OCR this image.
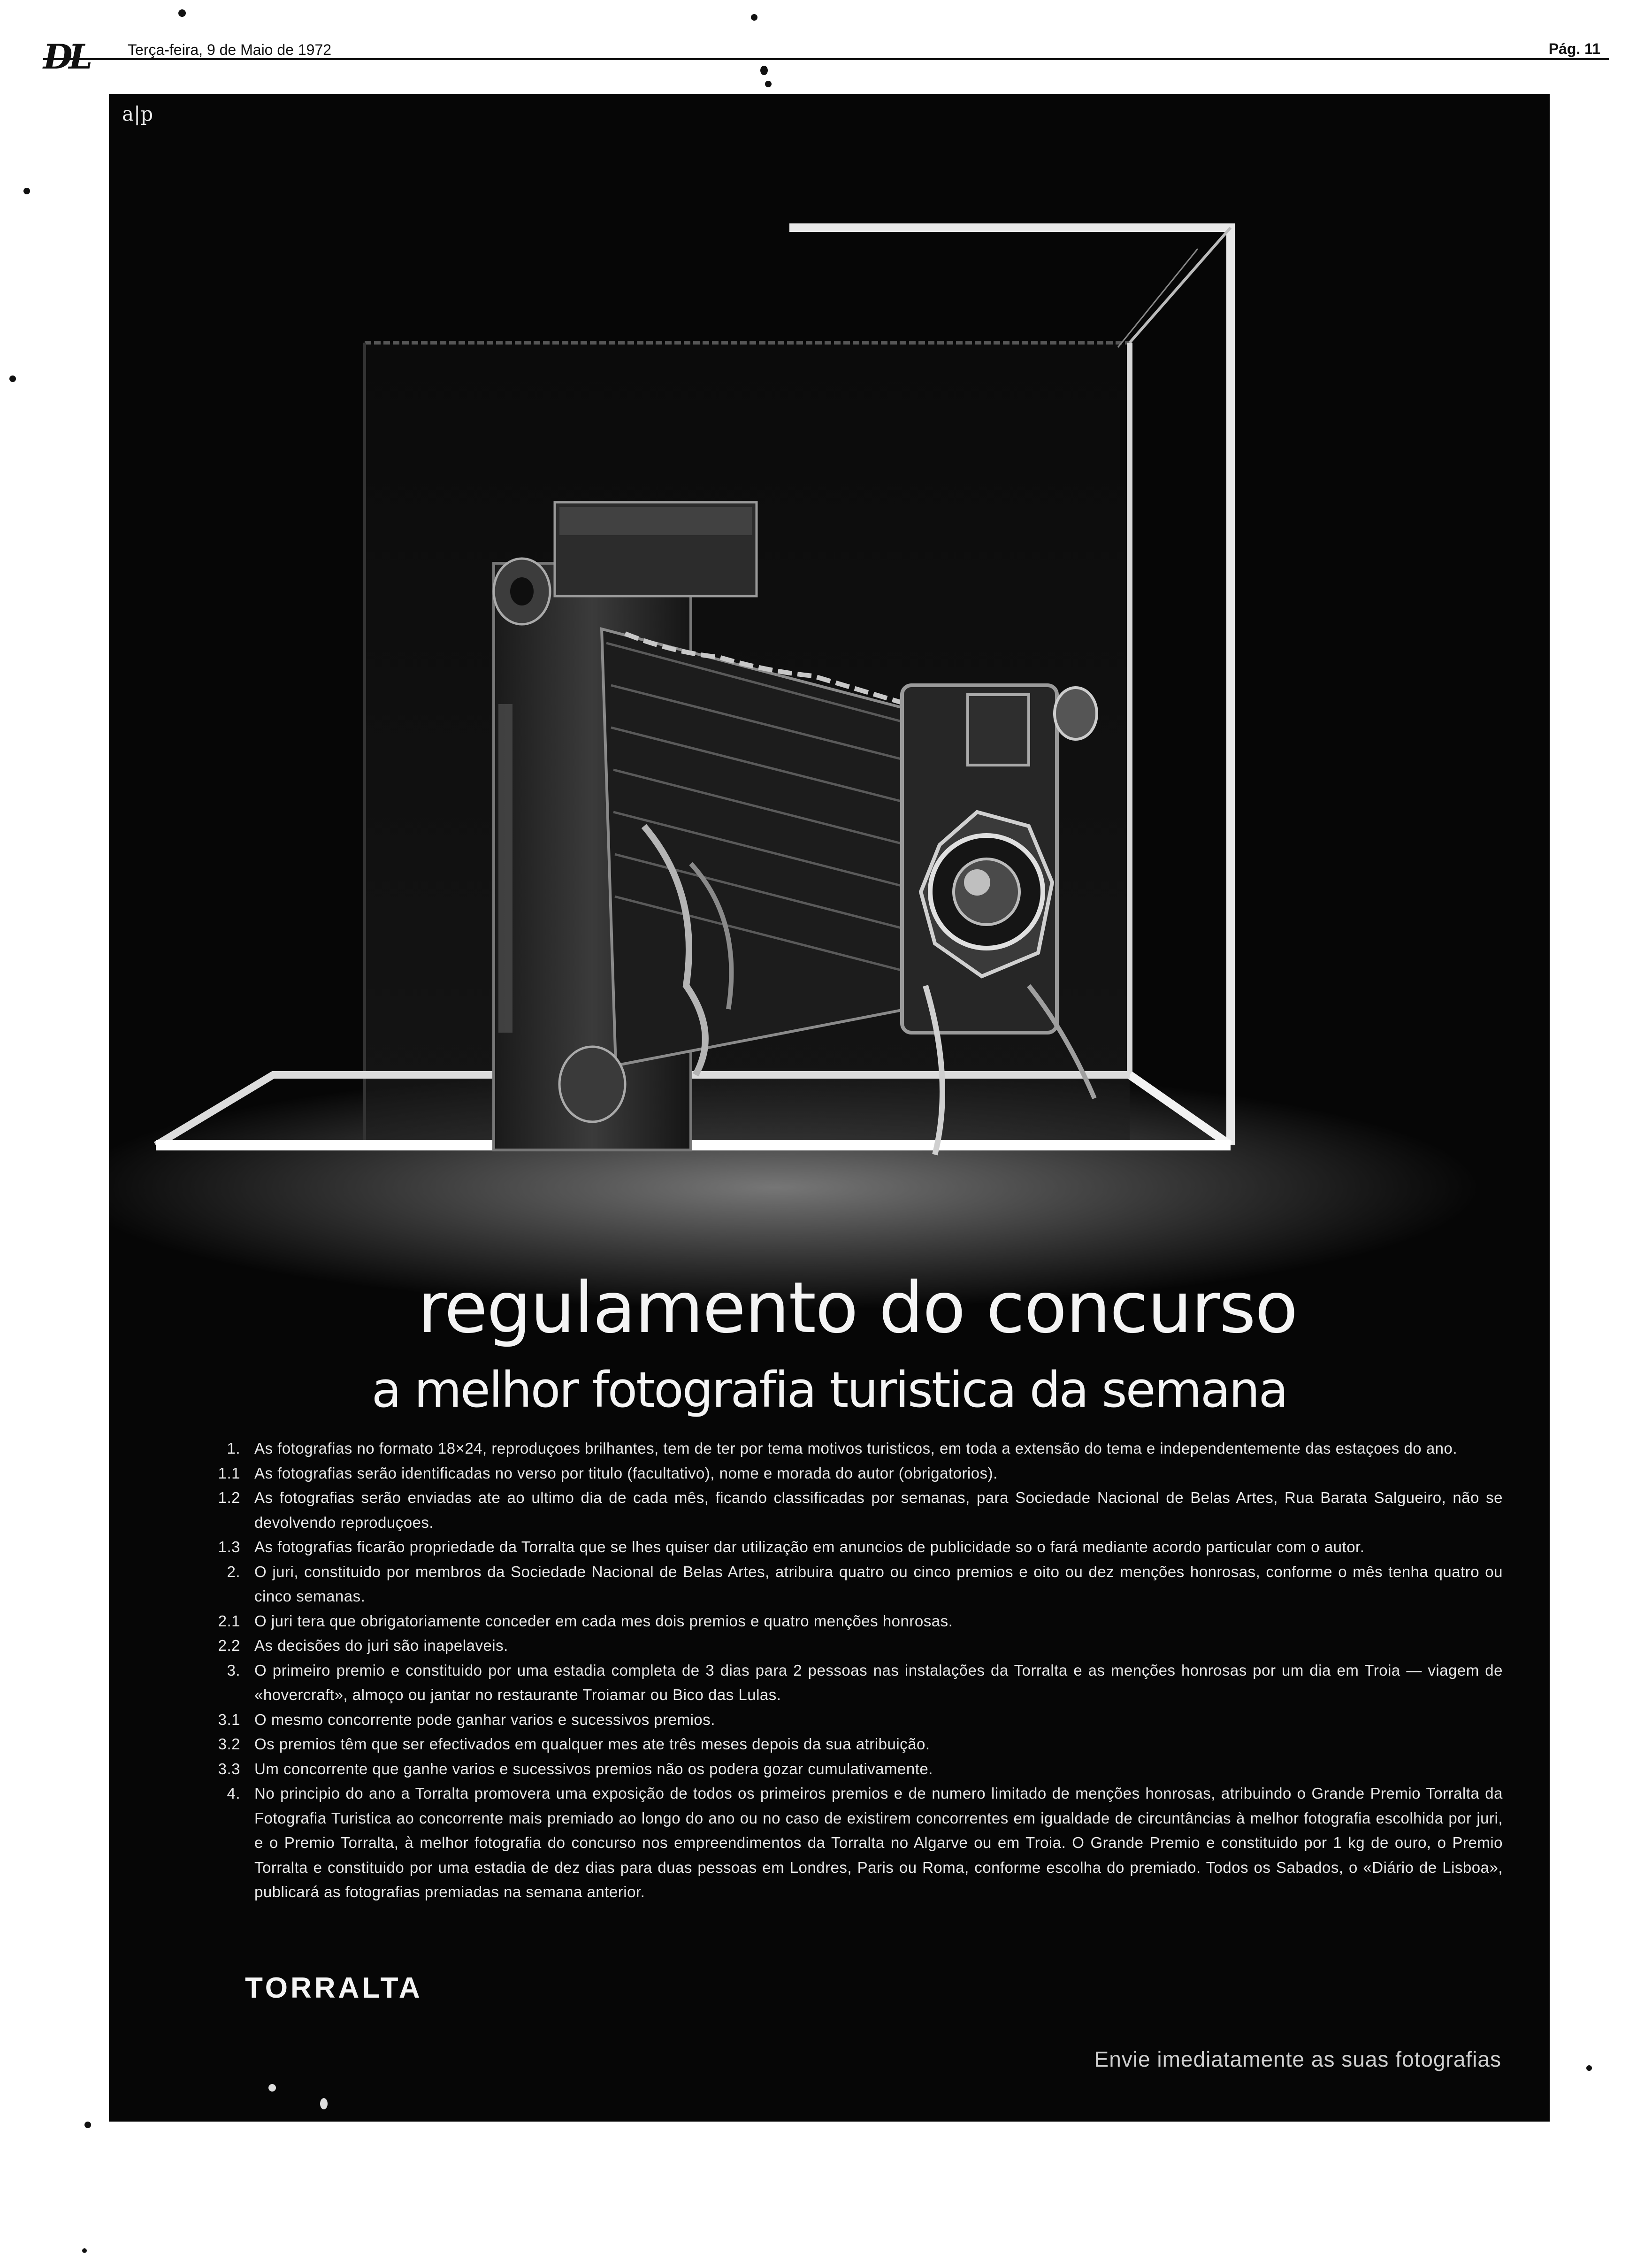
DL	Terça-feira, 9 de Maio de 1972	Pág. 11
a|p
regulamento do concurso
a melhor fotografia turistica da semana
1. As fotografias no formato 18×24, reproduçoes brilhantes, tem de ter por tema motivos turisticos, em toda a extensão do tema e independentemente das estaçoes do ano.
1.1 As fotografias serão identificadas no verso por titulo (facultativo), nome e morada do autor (obrigatorios).
1.2 As fotografias serão enviadas ate ao ultimo dia de cada mês, ficando classificadas por semanas, para Sociedade Nacional de Belas Artes, Rua Barata Salgueiro, não se devolvendo reproduçoes.
1.3 As fotografias ficarão propriedade da Torralta que se lhes quiser dar utilização em anuncios de publicidade so o fará mediante acordo particular com o autor.
2. O juri, constituido por membros da Sociedade Nacional de Belas Artes, atribuira quatro ou cinco premios e oito ou dez menções honrosas, conforme o mês tenha quatro ou cinco semanas.
2.1 O juri tera que obrigatoriamente conceder em cada mes dois premios e quatro menções honrosas.
2.2 As decisões do juri são inapelaveis.
3. O primeiro premio e constituido por uma estadia completa de 3 dias para 2 pessoas nas instalações da Torralta e as menções honrosas por um dia em Troia — viagem de «hovercraft», almoço ou jantar no restaurante Troiamar ou Bico das Lulas.
3.1 O mesmo concorrente pode ganhar varios e sucessivos premios.
3.2 Os premios têm que ser efectivados em qualquer mes ate três meses depois da sua atribuição.
3.3 Um concorrente que ganhe varios e sucessivos premios não os podera gozar cumulativamente.
4. No principio do ano a Torralta promovera uma exposição de todos os primeiros premios e de numero limitado de menções honrosas, atribuindo o Grande Premio Torralta da Fotografia Turistica ao concorrente mais premiado ao longo do ano ou no caso de existirem concorrentes em igualdade de circuntâncias à melhor fotografia escolhida por juri, e o Premio Torralta, à melhor fotografia do concurso nos empreendimentos da Torralta no Algarve ou em Troia. O Grande Premio e constituido por 1 kg de ouro, o Premio Torralta e constituido por uma estadia de dez dias para duas pessoas em Londres, Paris ou Roma, conforme escolha do premiado. Todos os Sabados, o «Diário de Lisboa», publicará as fotografias premiadas na semana anterior.
TORRALTA
Envie imediatamente as suas fotografias
